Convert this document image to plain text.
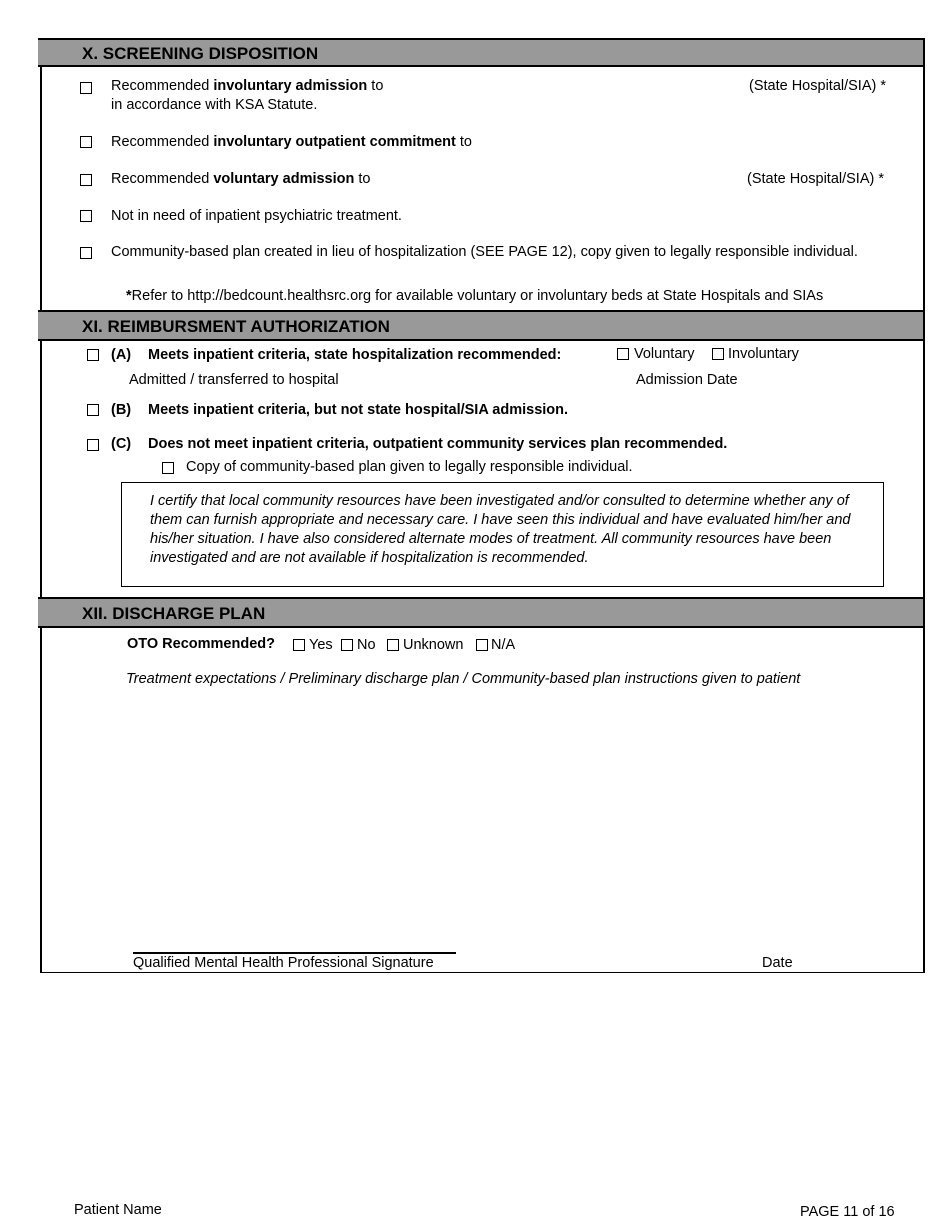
X. SCREENING DISPOSITION
Recommended involuntary admission to	(State Hospital/SIA) *
in accordance with KSA Statute.
Recommended involuntary outpatient commitment to
Recommended voluntary admission to	(State Hospital/SIA) *
Not in need of inpatient psychiatric treatment.
Community-based plan created in lieu of hospitalization (SEE PAGE 12), copy given to legally responsible individual.
*Refer to http://bedcount.healthsrc.org for available voluntary or involuntary beds at State Hospitals and SIAs
XI. REIMBURSMENT AUTHORIZATION
(A) Meets inpatient criteria, state hospitalization recommended:	Voluntary Involuntary
Admitted / transferred to hospital	Admission Date
(B) Meets inpatient criteria, but not state hospital/SIA admission.
(C) Does not meet inpatient criteria, outpatient community services plan recommended.
Copy of community-based plan given to legally responsible individual.
I certify that local community resources have been investigated and/or consulted to determine whether any of them can furnish appropriate and necessary care. I have seen this individual and have evaluated him/her and his/her situation. I have also considered alternate modes of treatment. All community resources have been investigated and are not available if hospitalization is recommended.
XII. DISCHARGE PLAN
OTO Recommended? Yes No Unknown N/A
Treatment expectations / Preliminary discharge plan / Community-based plan instructions given to patient
Qualified Mental Health Professional Signature	Date
Patient Name	PAGE 11 of 16
